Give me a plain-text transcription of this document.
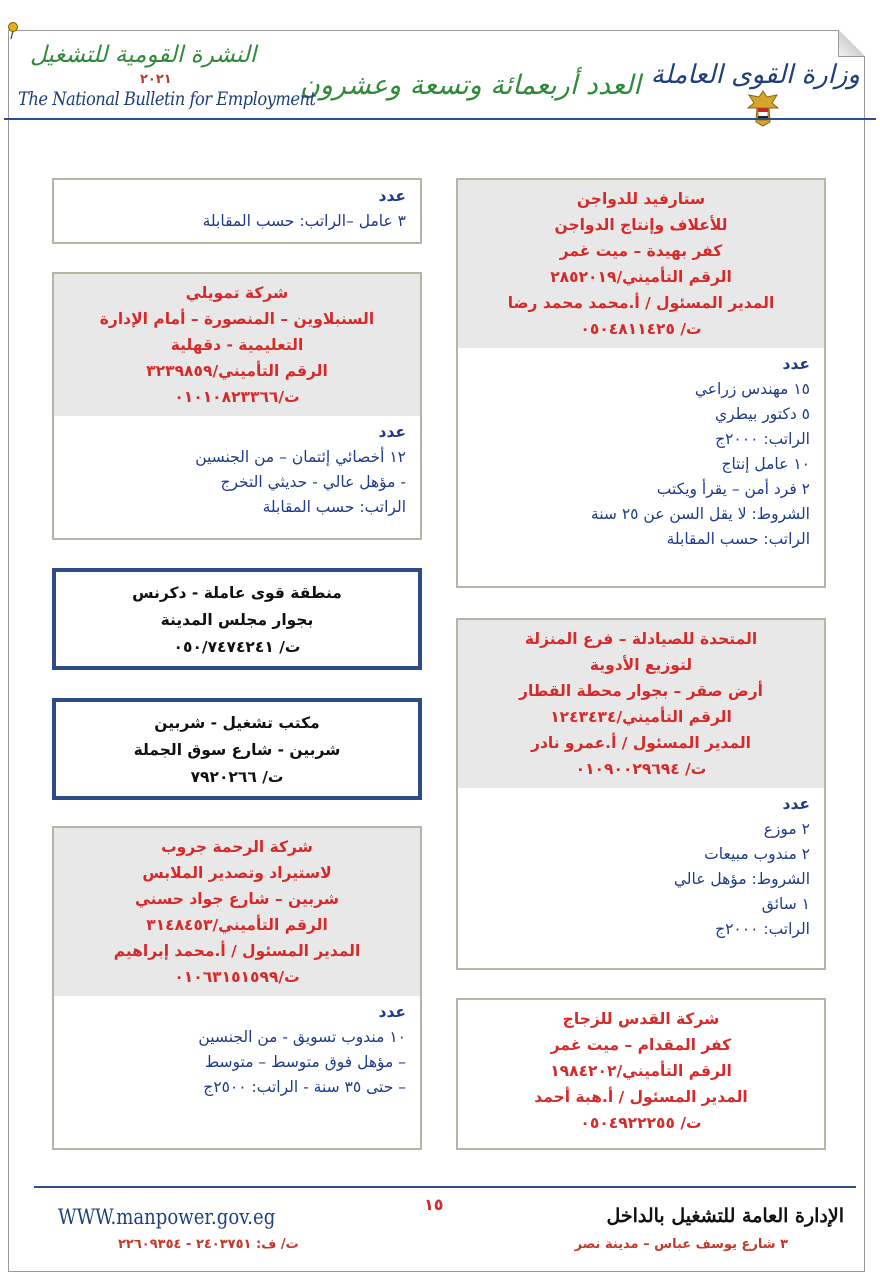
وزارة القوى العاملة
العدد أربعمائة وتسعة وعشرون
النشرة القومية للتشغيل
٢٠٢١
The National Bulletin for Employment
ستارفيد للدواجن
للأعلاف وإنتاج الدواجن
كفر بهيدة – ميت غمر
الرقم التأميني/٢٨٥٢٠١٩
المدير المسئول / أ.محمد محمد رضا
ت/ ٠٥٠٤٨١١٤٢٥
عدد
١٥ مهندس زراعي
٥ دكتور بيطري
الراتب: ٢٠٠٠ج
١٠ عامل إنتاج
٢ فرد أمن – يقرأ ويكتب
الشروط: لا يقل السن عن ٢٥ سنة
الراتب: حسب المقابلة
المتحدة للصيادلة – فرع المنزلة
لتوزيع الأدوية
أرض صقر – بجوار محطة القطار
الرقم التأميني/١٢٤٣٤٣٤
المدير المسئول / أ.عمرو نادر
ت/ ٠١٠٩٠٠٢٩٦٩٤
عدد
٢ موزع
٢ مندوب مبيعات
الشروط: مؤهل عالي
١ سائق
الراتب: ٢٠٠٠ج
شركة القدس للزجاج
كفر المقدام – ميت غمر
الرقم التأميني/١٩٨٤٢٠٢
المدير المسئول / أ.هبة أحمد
ت/ ٠٥٠٤٩٢٢٢٥٥
عدد
٣ عامل –الراتب: حسب المقابلة
شركة تمويلي
السنبلاوين – المنصورة – أمام الإدارة
التعليمية - دقهلية
الرقم التأميني/٣٢٣٩٨٥٩
ت/٠١٠١٠٨٢٣٣٦٦
عدد
١٢ أخصائي إئتمان – من الجنسين
- مؤهل عالي - حديثي التخرج
الراتب: حسب المقابلة
منطقة قوى عاملة - دكرنس
بجوار مجلس المدينة
ت/ ٠٥٠/٧٤٧٤٢٤١
مكتب تشغيل - شربين
شربين - شارع سوق الجملة
ت/ ٧٩٢٠٢٦٦
شركة الرحمة جروب
لاستيراد وتصدير الملابس
شربين – شارع جواد حسني
الرقم التأميني/٣١٤٨٤٥٣
المدير المسئول / أ.محمد إبراهيم
ت/٠١٠٦٣١٥١٥٩٩
عدد
١٠ مندوب تسويق - من الجنسين
– مؤهل فوق متوسط – متوسط
– حتى ٣٥ سنة - الراتب: ٢٥٠٠ج
الإدارة العامة للتشغيل بالداخل
٣ شارع يوسف عباس – مدينة نصر
١٥
WWW.manpower.gov.eg
ت/ ف: ٢٤٠٣٧٥١ - ٢٢٦٠٩٣٥٤
